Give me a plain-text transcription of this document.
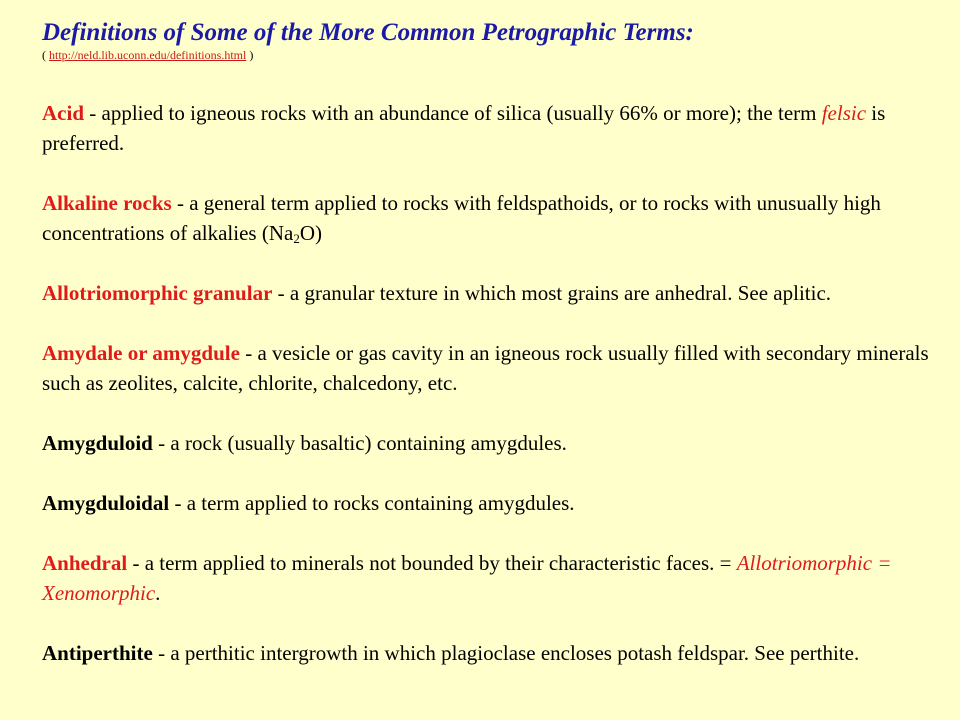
Definitions of Some of the More Common Petrographic Terms:

( http://neld.lib.uconn.edu/definitions.html )

Acid - applied to igneous rocks with an abundance of silica (usually 66% or more); the term felsic is preferred.

Alkaline rocks - a general term applied to rocks with feldspathoids, or to rocks with unusually high concentrations of alkalies $(Na_2O)$

Allotriomorphic granular - a granular texture in which most grains are anhedral. See aplitic.

Amydale or amygdule - a vesicle or gas cavity in an igneous rock usually filled with secondary minerals such as zeolites, calcite, chlorite, chalcedony, etc.

Amygduloid - a rock (usually basaltic) containing amygdules.

Amygduloidal - a term applied to rocks containing amygdules.

Anhedral - a term applied to minerals not bounded by their characteristic faces. = Allotriomorphic = Xenomorphic.

Antiperthite - a perthitic intergrowth in which plagioclase encloses potash feldspar. See perthite.
